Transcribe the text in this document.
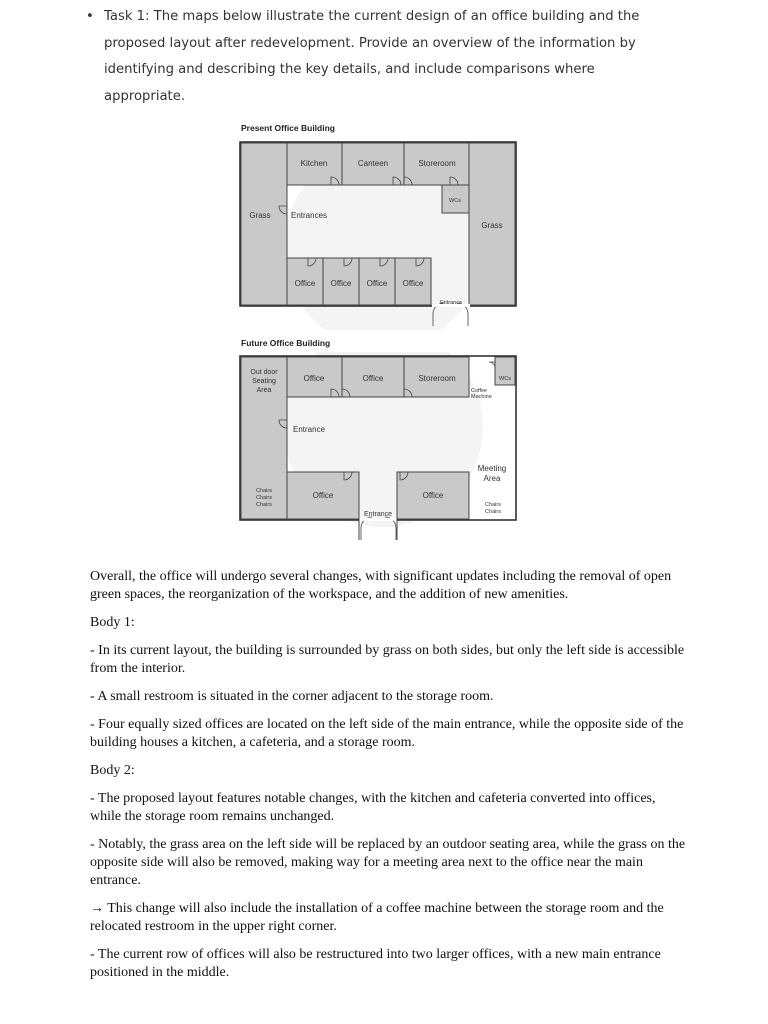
• Task 1: The maps below illustrate the current design of an office building and the proposed layout after redevelopment. Provide an overview of the information by identifying and describing the key details, and include comparisons where appropriate.
Present Office Building
Kitchen	Canteen	Storeroom
WCs
Grass
Grass
Entrances
Office Office Office Office
Entrance
Future Office Building
Out door
Seating
Area
Office	Office	Storeroom	WCs
Coffee
Machine
Entrance
Meeting
Area
Chairs
Chairs
Chairs
Office	Office
Chairs
Chairs
Entrance

Overall, the office will undergo several changes, with significant updates including the removal of open green spaces, the reorganization of the workspace, and the addition of new amenities.

Body 1:

- In its current layout, the building is surrounded by grass on both sides, but only the left side is accessible from the interior.

- A small restroom is situated in the corner adjacent to the storage room.

- Four equally sized offices are located on the left side of the main entrance, while the opposite side of the building houses a kitchen, a cafeteria, and a storage room.

Body 2:

- The proposed layout features notable changes, with the kitchen and cafeteria converted into offices, while the storage room remains unchanged.

- Notably, the grass area on the left side will be replaced by an outdoor seating area, while the grass on the opposite side will also be removed, making way for a meeting area next to the office near the main entrance.

→ This change will also include the installation of a coffee machine between the storage room and the relocated restroom in the upper right corner.

- The current row of offices will also be restructured into two larger offices, with a new main entrance positioned in the middle.
